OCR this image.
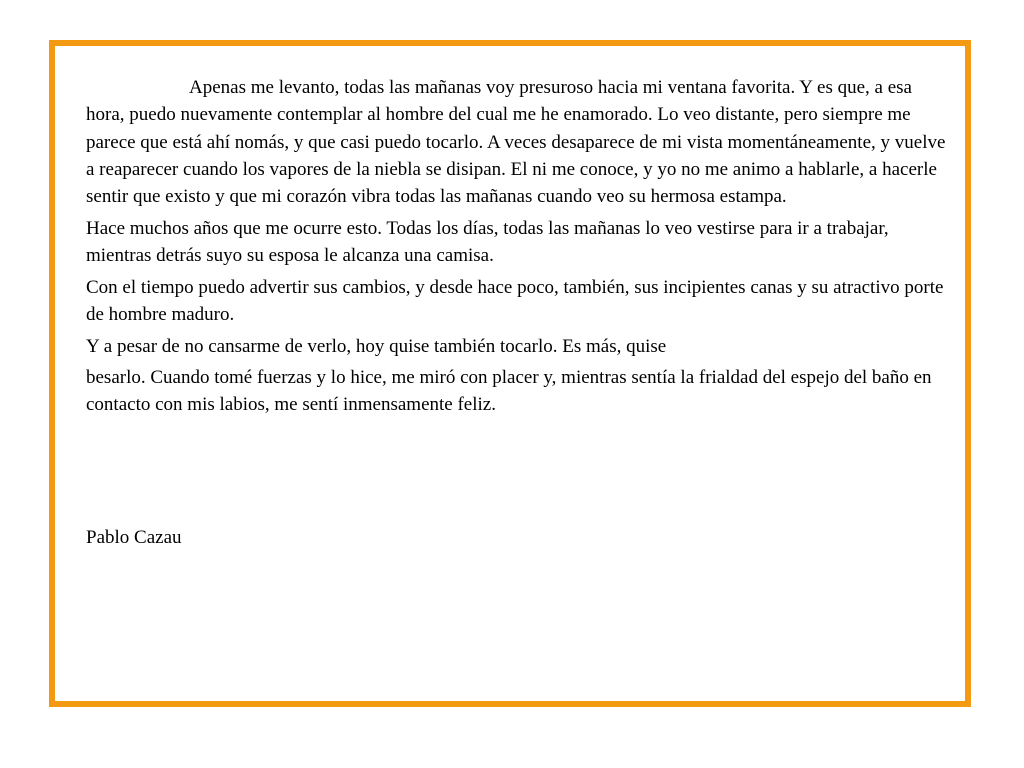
Apenas me levanto, todas las mañanas voy presuroso hacia mi ventana favorita. Y es que, a esa hora, puedo nuevamente contemplar al hombre del cual me he enamorado. Lo veo distante, pero siempre me parece que está ahí nomás, y que casi puedo tocarlo. A veces desaparece de mi vista momentáneamente, y vuelve a reaparecer cuando los vapores de la niebla se disipan. El ni me conoce, y yo no me animo a hablarle, a hacerle sentir que existo y que mi corazón vibra todas las mañanas cuando veo su hermosa estampa.

Hace muchos años que me ocurre esto. Todas los días, todas las mañanas lo veo vestirse para ir a trabajar, mientras detrás suyo su esposa le alcanza una camisa.

Con el tiempo puedo advertir sus cambios, y desde hace poco, también, sus incipientes canas y su atractivo porte de hombre maduro.

Y a pesar de no cansarme de verlo, hoy quise también tocarlo. Es más, quise

besarlo. Cuando tomé fuerzas y lo hice, me miró con placer y, mientras sentía la frialdad del espejo del baño en contacto con mis labios, me sentí inmensamente feliz.

Pablo Cazau
